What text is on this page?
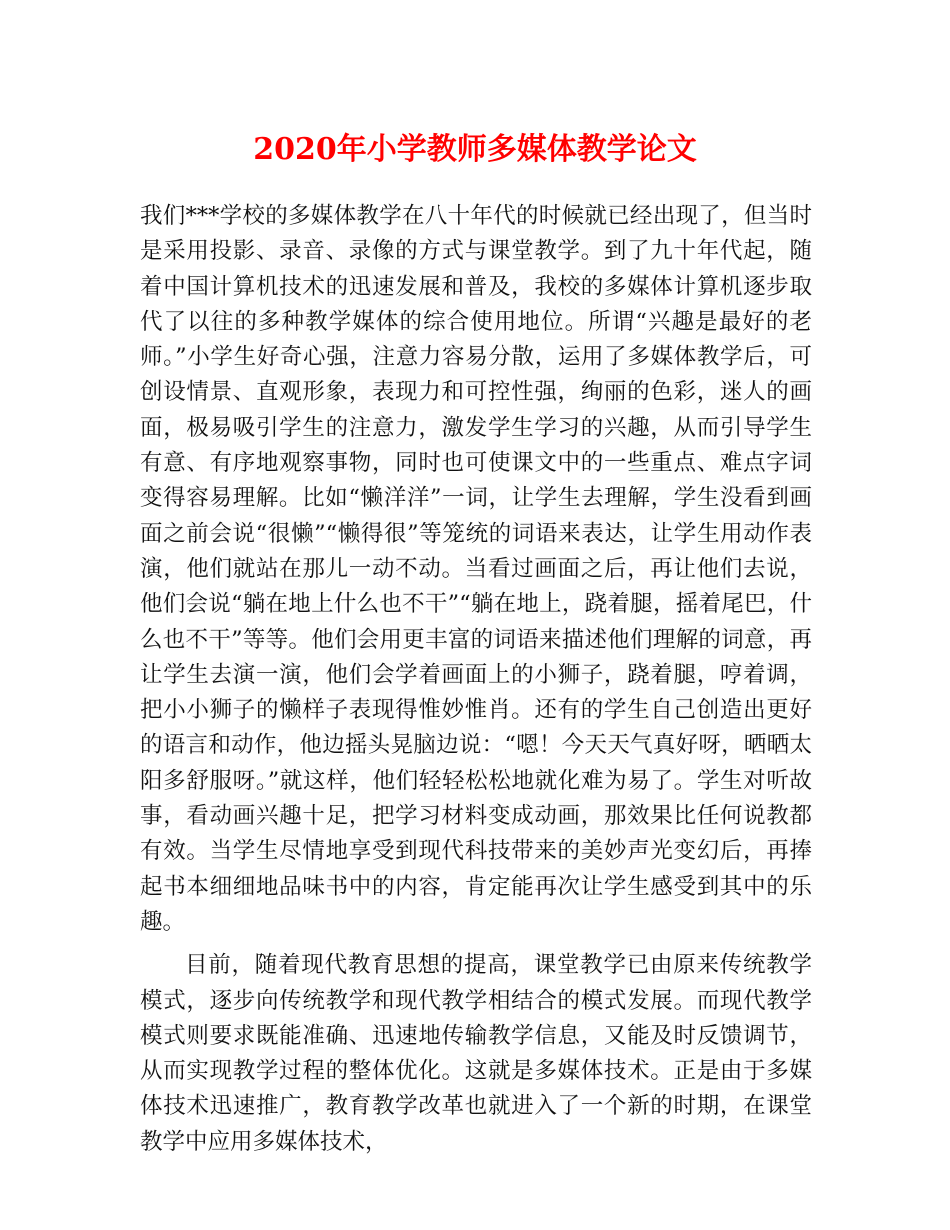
2020年小学教师多媒体教学论文

我们***学校的多媒体教学在八十年代的时候就已经出现了，但当时是采用投影、录音、录像的方式与课堂教学。到了九十年代起，随着中国计算机技术的迅速发展和普及，我校的多媒体计算机逐步取代了以往的多种教学媒体的综合使用地位。所谓“兴趣是最好的老师。”小学生好奇心强，注意力容易分散，运用了多媒体教学后，可创设情景、直观形象，表现力和可控性强，绚丽的色彩，迷人的画面，极易吸引学生的注意力，激发学生学习的兴趣，从而引导学生有意、有序地观察事物，同时也可使课文中的一些重点、难点字词变得容易理解。比如“懒洋洋”一词，让学生去理解，学生没看到画面之前会说“很懒”“懒得很”等笼统的词语来表达，让学生用动作表演，他们就站在那儿一动不动。当看过画面之后，再让他们去说，他们会说“躺在地上什么也不干”“躺在地上，跷着腿，摇着尾巴，什么也不干”等等。他们会用更丰富的词语来描述他们理解的词意，再让学生去演一演，他们会学着画面上的小狮子，跷着腿，哼着调，把小小狮子的懒样子表现得惟妙惟肖。还有的学生自己创造出更好的语言和动作，他边摇头晃脑边说：“嗯！今天天气真好呀，晒晒太阳多舒服呀。”就这样，他们轻轻松松地就化难为易了。学生对听故事，看动画兴趣十足，把学习材料变成动画，那效果比任何说教都有效。当学生尽情地享受到现代科技带来的美妙声光变幻后，再捧起书本细细地品味书中的内容，肯定能再次让学生感受到其中的乐趣。

目前，随着现代教育思想的提高，课堂教学已由原来传统教学模式，逐步向传统教学和现代教学相结合的模式发展。而现代教学模式则要求既能准确、迅速地传输教学信息，又能及时反馈调节，从而实现教学过程的整体优化。这就是多媒体技术。正是由于多媒体技术迅速推广，教育教学改革也就进入了一个新的时期，在课堂教学中应用多媒体技术，
